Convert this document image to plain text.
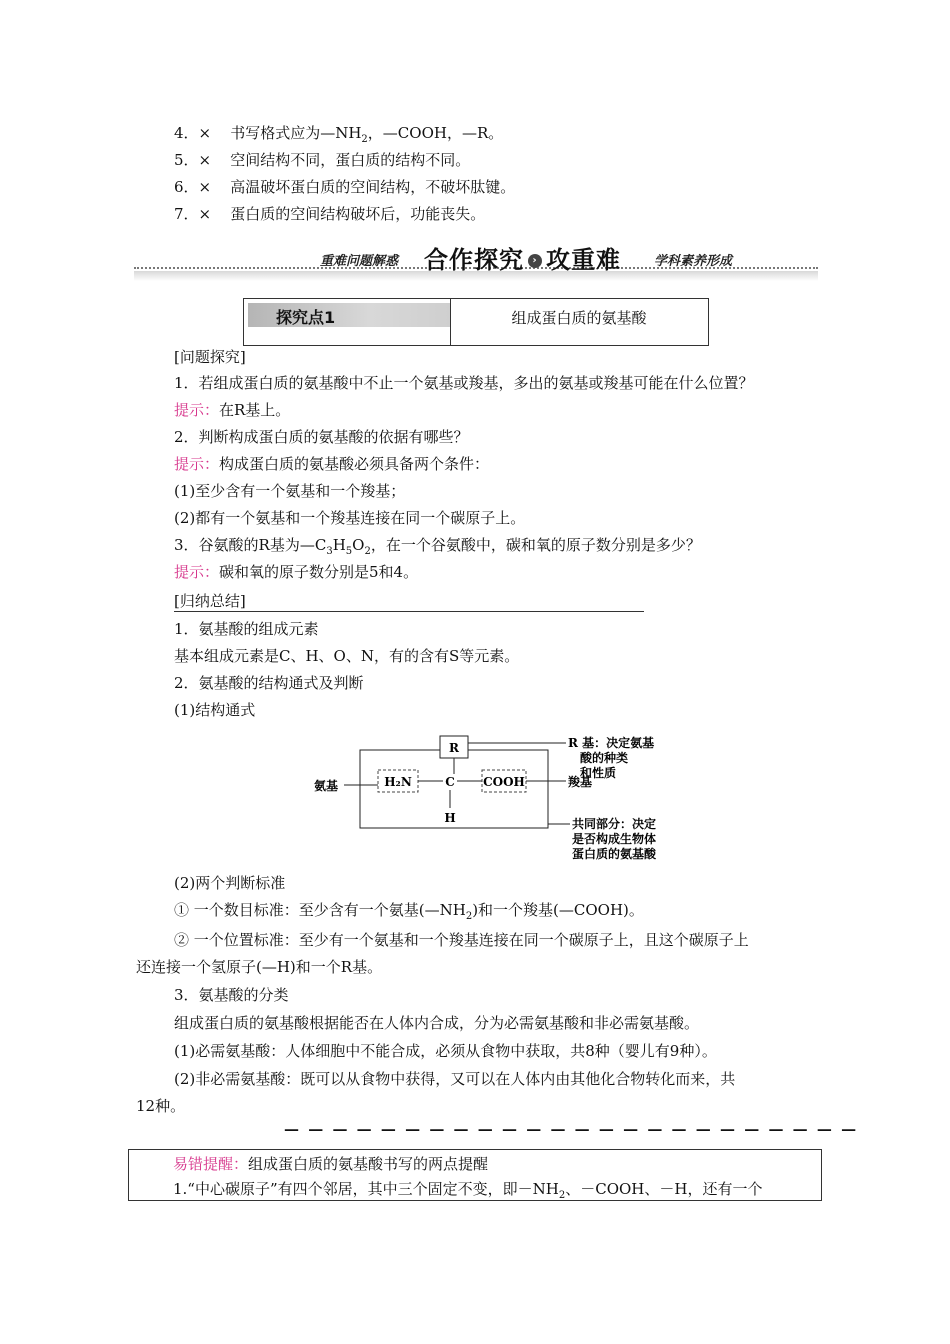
4．× 书写格式应为$—NH_2$，—COOH，—R。
5．× 空间结构不同，蛋白质的结构不同。
6．× 高温破坏蛋白质的空间结构，不破坏肽键。
7．× 蛋白质的空间结构破坏后，功能丧失。
重难问题解惑 合作探究 › 攻重难	学科素养形成
探究点1	组成蛋白质的氨基酸
[问题探究]
1．若组成蛋白质的氨基酸中不止一个氨基或羧基，多出的氨基或羧基可能在什么位置？
提示：在R基上。
2．判断构成蛋白质的氨基酸的依据有哪些？
提示：构成蛋白质的氨基酸必须具备两个条件：
(1)至少含有一个氨基和一个羧基；
(2)都有一个氨基和一个羧基连接在同一个碳原子上。
3．谷氨酸的R基为$—C_3H_5O_2$，在一个谷氨酸中，碳和氧的原子数分别是多少？
提示：碳和氧的原子数分别是5和4。
[归纳总结]
1．氨基酸的组成元素
基本组成元素是C、H、O、N，有的含有S等元素。
2．氨基酸的结构通式及判断
(1)结构通式
R
H₂N	C COOH
H
氨基	羧基
R 基：决定氨基
酸的种类
和性质
共同部分：决定
是否构成生物体
蛋白质的氨基酸
(2)两个判断标准
① 一个数目标准：至少含有一个氨基$(—NH_2)$和一个羧基(—COOH)。
② 一个位置标准：至少有一个氨基和一个羧基连接在同一个碳原子上，且这个碳原子上
还连接一个氢原子(—H)和一个R基。
3．氨基酸的分类
组成蛋白质的氨基酸根据能否在人体内合成，分为必需氨基酸和非必需氨基酸。
(1)必需氨基酸：人体细胞中不能合成，必须从食物中获取，共8种（婴儿有9种）。
(2)非必需氨基酸：既可以从食物中获得，又可以在人体内由其他化合物转化而来，共
12种。
— — — — — — — — — — — — — — — — — — — — — — — —
易错提醒：组成蛋白质的氨基酸书写的两点提醒
1.“中心碳原子”有四个邻居，其中三个固定不变，即$-NH_2$、－COOH、－H，还有一个
